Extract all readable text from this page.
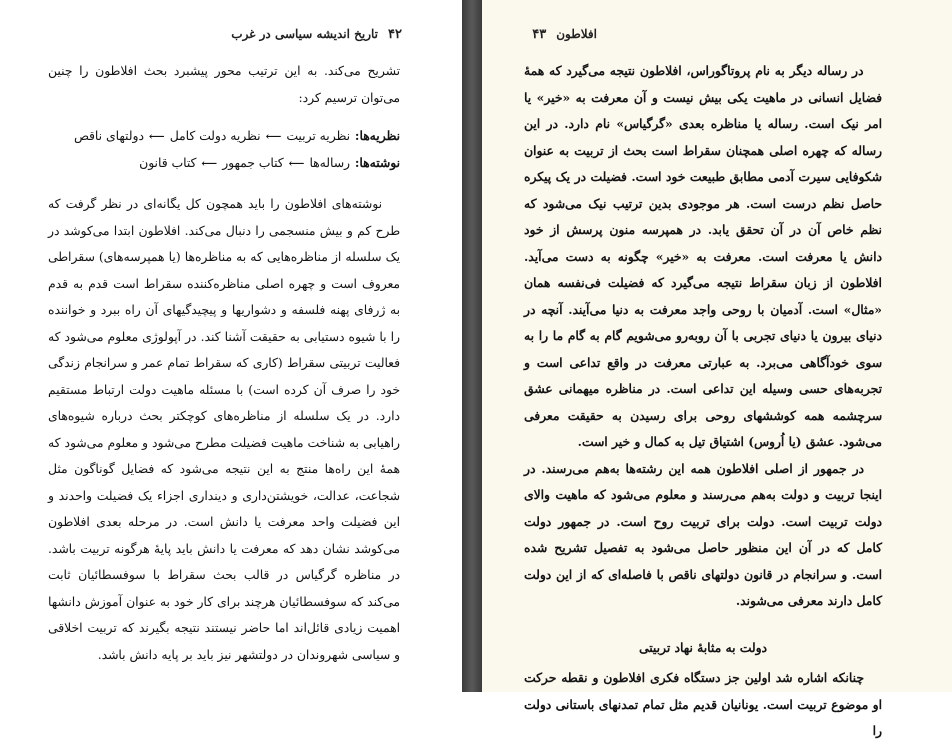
۴۲
تاریخ اندیشه سیاسی در غرب
تشریح می‌کند. به این ترتیب محور پیشبرد بحث افلاطون را چنین می‌توان ترسیم کرد:
نظریه‌ها:
نظریه تربیت
⟵
نظریه دولت کامل
⟵
دولتهای ناقص
نوشته‌ها:
رساله‌ها
⟵
کتاب جمهور
⟵
کتاب قانون
نوشته‌های افلاطون را باید همچون کل یگانه‌ای در نظر گرفت که طرح کم و بیش منسجمی را دنبال می‌کند. افلاطون ابتدا می‌کوشد در یک سلسله از مناظره‌هایی که به مناظره‌ها (یا همپرسه‌های) سقراطی معروف است و چهره اصلی مناظره‌کننده سقراط است قدم به قدم به ژرفای پهنه فلسفه و دشواریها و پیچیدگیهای آن راه ببرد و خواننده را با شیوه دستیابی به حقیقت آشنا کند. در آپولوژی معلوم می‌شود که فعالیت تربیتی سقراط (کاری که سقراط تمام عمر و سرانجام زندگی خود را صرف آن کرده است) با مسئله ماهیت دولت ارتباط مستقیم دارد. در یک سلسله از مناظره‌های کوچکتر بحث درباره شیوه‌های راهیابی به شناخت ماهیت فضیلت مطرح می‌شود و معلوم می‌شود که همهٔ این راه‌ها منتج به این نتیجه می‌شود که فضایل گوناگون مثل شجاعت، عدالت، خویشتن‌داری و دینداری اجزاء یک فضیلت واحدند و این فضیلت واحد معرفت یا دانش است. در مرحله بعدی افلاطون می‌کوشد نشان دهد که معرفت یا دانش باید پایهٔ هرگونه تربیت باشد. در مناظره گرگیاس در قالب بحث سقراط با سوفسطائیان ثابت می‌کند که سوفسطائیان هرچند برای کار خود به عنوان آموزش دانشها اهمیت زیادی قائل‌اند اما حاضر نیستند نتیجه بگیرند که تربیت اخلاقی و سیاسی شهروندان در دولتشهر نیز باید بر پایه دانش باشد.
افلاطون
۴۳
در رساله دیگر به نام پروتاگوراس، افلاطون نتیجه می‌گیرد که همهٔ فضایل انسانی در ماهیت یکی بیش نیست و آن معرفت به «خیر» یا امر نیک است. رساله یا مناظره بعدی «گرگیاس» نام دارد. در این رساله که چهره اصلی همچنان سقراط است بحث از تربیت به عنوان شکوفایی سیرت آدمی مطابق طبیعت خود است. فضیلت در یک پیکره حاصل نظم درست است. هر موجودی بدین ترتیب نیک می‌شود که نظم خاص آن در آن تحقق یابد. در همپرسه منون پرسش از خود دانش یا معرفت است. معرفت به «خیر» چگونه به دست می‌آید. افلاطون از زبان سقراط نتیجه می‌گیرد که فضیلت فی‌نفسه همان «مثال» است. آدمیان با روحی واجد معرفت به دنیا می‌آیند. آنچه در دنیای بیرون یا دنیای تجربی با آن روبه‌رو می‌شویم گام به گام ما را به سوی خودآگاهی می‌برد. به عبارتی معرفت در واقع تداعی است و تجربه‌های حسی وسیله این تداعی است. در مناظره میهمانی عشق سرچشمه همه کوششهای روحی برای رسیدن به حقیقت معرفی می‌شود. عشق (یا اُروس) اشتیاق تیل به کمال و خیر است.
در جمهور از اصلی افلاطون همه این رشته‌ها به‌هم می‌رسند. در اینجا تربیت و دولت به‌هم می‌رسند و معلوم می‌شود که ماهیت والای دولت تربیت است. دولت برای تربیت روح است. در جمهور دولت کامل که در آن این منظور حاصل می‌شود به تفصیل تشریح شده است. و سرانجام در قانون دولتهای ناقص با فاصله‌ای که از این دولت کامل دارند معرفی می‌شوند.
دولت به مثابهٔ نهاد تربیتی
چنانکه اشاره شد اولین جز دستگاه فکری افلاطون و نقطه حرکت او موضوع تربیت است. یونانیان قدیم مثل تمام تمدنهای باستانی دولت را
